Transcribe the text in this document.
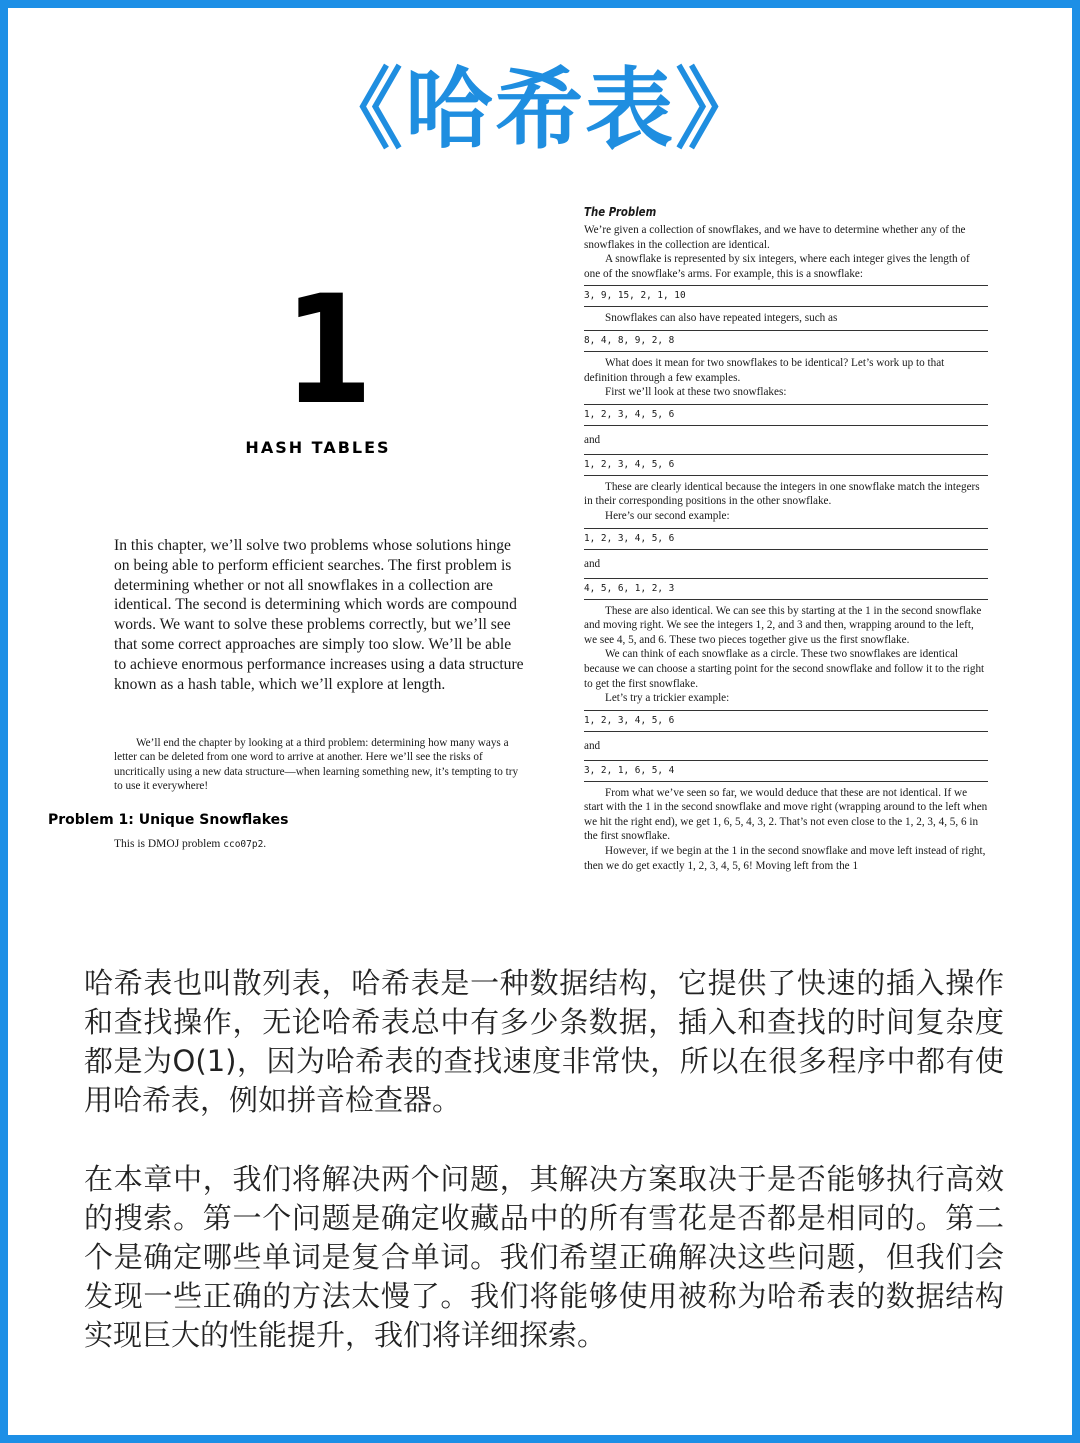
《哈希表》
1
HASH TABLES

In this chapter, we’ll solve two problems whose solutions hinge on being able to perform efficient searches. The first problem is determining whether or not all snowflakes in a collection are identical. The second is determining which words are compound words. We want to solve these problems correctly, but we’ll see that some correct approaches are simply too slow. We’ll be able to achieve enormous performance increases using a data structure known as a hash table, which we’ll explore at length.

We’ll end the chapter by looking at a third problem: determining how many ways a letter can be deleted from one word to arrive at another. Here we’ll see the risks of uncritically using a new data structure—when learning something new, it’s tempting to try to use it everywhere!

Problem 1: Unique Snowflakes
This is DMOJ problem cco07p2.
The Problem

We’re given a collection of snowflakes, and we have to determine whether any of the snowflakes in the collection are identical.

A snowflake is represented by six integers, where each integer gives the length of one of the snowflake’s arms. For example, this is a snowflake:

3, 9, 15, 2, 1, 10

Snowflakes can also have repeated integers, such as

8, 4, 8, 9, 2, 8

What does it mean for two snowflakes to be identical? Let’s work up to that definition through a few examples.

First we’ll look at these two snowflakes:

1, 2, 3, 4, 5, 6
and
1, 2, 3, 4, 5, 6

These are clearly identical because the integers in one snowflake match the integers in their corresponding positions in the other snowflake.

Here’s our second example:

1, 2, 3, 4, 5, 6
and
4, 5, 6, 1, 2, 3

These are also identical. We can see this by starting at the 1 in the second snowflake and moving right. We see the integers 1, 2, and 3 and then, wrapping around to the left, we see 4, 5, and 6. These two pieces together give us the first snowflake.

We can think of each snowflake as a circle. These two snowflakes are identical because we can choose a starting point for the second snowflake and follow it to the right to get the first snowflake.

Let’s try a trickier example:

1, 2, 3, 4, 5, 6
and
3, 2, 1, 6, 5, 4

From what we’ve seen so far, we would deduce that these are not identical. If we start with the 1 in the second snowflake and move right (wrapping around to the left when we hit the right end), we get 1, 6, 5, 4, 3, 2. That’s not even close to the 1, 2, 3, 4, 5, 6 in the first snowflake.

However, if we begin at the 1 in the second snowflake and move left instead of right, then we do get exactly 1, 2, 3, 4, 5, 6! Moving left from the 1

哈希表也叫散列表，哈希表是一种数据结构，它提供了快速的插入操作和查找操作，无论哈希表总中有多少条数据，插入和查找的时间复杂度都是为O(1)，因为哈希表的查找速度非常快，所以在很多程序中都有使用哈希表，例如拼音检查器。

在本章中，我们将解决两个问题，其解决方案取决于是否能够执行高效的搜索。第一个问题是确定收藏品中的所有雪花是否都是相同的。第二个是确定哪些单词是复合单词。我们希望正确解决这些问题，但我们会发现一些正确的方法太慢了。我们将能够使用被称为哈希表的数据结构实现巨大的性能提升，我们将详细探索。
